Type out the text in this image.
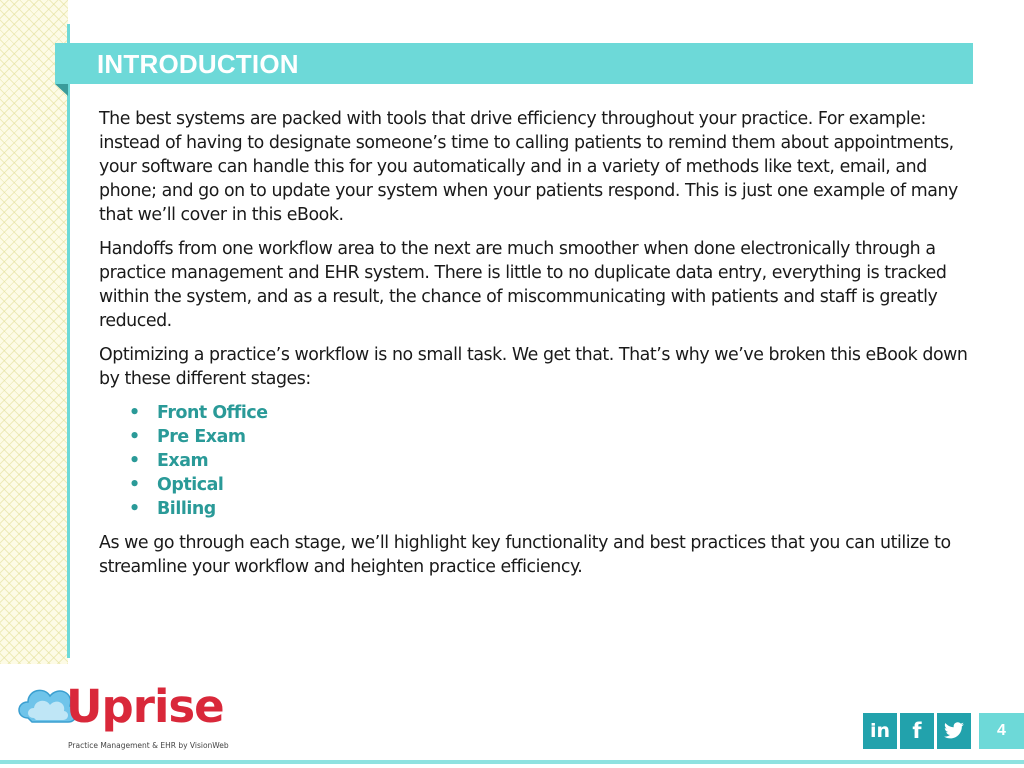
INTRODUCTION

The best systems are packed with tools that drive efficiency throughout your practice. For example: instead of having to designate someone’s time to calling patients to remind them about appointments, your software can handle this for you automatically and in a variety of methods like text, email, and phone; and go on to update your system when your patients respond. This is just one example of many that we’ll cover in this eBook.

Handoffs from one workflow area to the next are much smoother when done electronically through a practice management and EHR system. There is little to no duplicate data entry, everything is tracked within the system, and as a result, the chance of miscommunicating with patients and staff is greatly reduced.

Optimizing a practice’s workflow is no small task. We get that. That’s why we’ve broken this eBook down by these different stages:

• Front Office
• Pre Exam
• Exam
• Optical
• Billing

As we go through each stage, we’ll highlight key functionality and best practices that you can utilize to streamline your workflow and heighten practice efficiency.

Uprise
Practice Management & EHR by VisionWeb
in f	4
